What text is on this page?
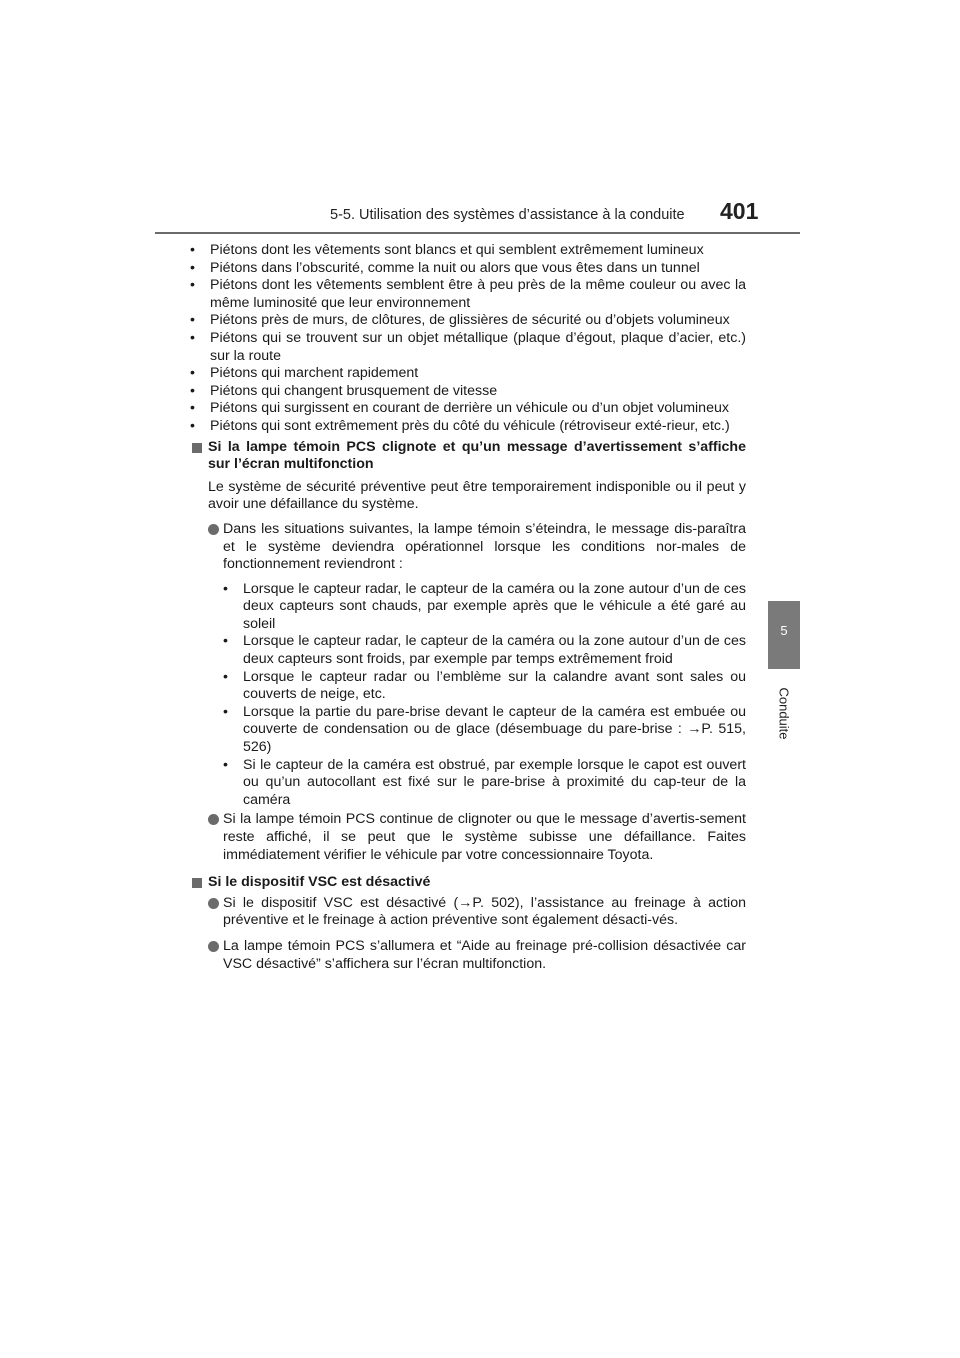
5-5. Utilisation des systèmes d’assistance à la conduite 401
5
Conduite
• Piétons dont les vêtements sont blancs et qui semblent extrêmement lumineux
• Piétons dans l’obscurité, comme la nuit ou alors que vous êtes dans un tunnel
• Piétons dont les vêtements semblent être à peu près de la même couleur ou avec la même luminosité que leur environnement
• Piétons près de murs, de clôtures, de glissières de sécurité ou d’objets volumineux
• Piétons qui se trouvent sur un objet métallique (plaque d’égout, plaque d’acier, etc.) sur la route
• Piétons qui marchent rapidement
• Piétons qui changent brusquement de vitesse
• Piétons qui surgissent en courant de derrière un véhicule ou d’un objet volumineux
• Piétons qui sont extrêmement près du côté du véhicule (rétroviseur exté-rieur, etc.)
Si la lampe témoin PCS clignote et qu’un message d’avertissement s’affiche sur l’écran multifonction
Le système de sécurité préventive peut être temporairement indisponible ou il peut y avoir une défaillance du système.
Dans les situations suivantes, la lampe témoin s’éteindra, le message dis-paraîtra et le système deviendra opérationnel lorsque les conditions nor-males de fonctionnement reviendront :
• Lorsque le capteur radar, le capteur de la caméra ou la zone autour d’un de ces deux capteurs sont chauds, par exemple après que le véhicule a été garé au soleil
• Lorsque le capteur radar, le capteur de la caméra ou la zone autour d’un de ces deux capteurs sont froids, par exemple par temps extrêmement froid
• Lorsque le capteur radar ou l’emblème sur la calandre avant sont sales ou couverts de neige, etc.
• Lorsque la partie du pare-brise devant le capteur de la caméra est embuée ou couverte de condensation ou de glace (désembuage du pare-brise : →P. 515, 526)
• Si le capteur de la caméra est obstrué, par exemple lorsque le capot est ouvert ou qu’un autocollant est fixé sur le pare-brise à proximité du cap-teur de la caméra
Si la lampe témoin PCS continue de clignoter ou que le message d’avertis-sement reste affiché, il se peut que le système subisse une défaillance. Faites immédiatement vérifier le véhicule par votre concessionnaire Toyota.
Si le dispositif VSC est désactivé
Si le dispositif VSC est désactivé (→P. 502), l’assistance au freinage à action préventive et le freinage à action préventive sont également désacti-vés.
La lampe témoin PCS s’allumera et “Aide au freinage pré-collision désactivée car VSC désactivé” s’affichera sur l’écran multifonction.
